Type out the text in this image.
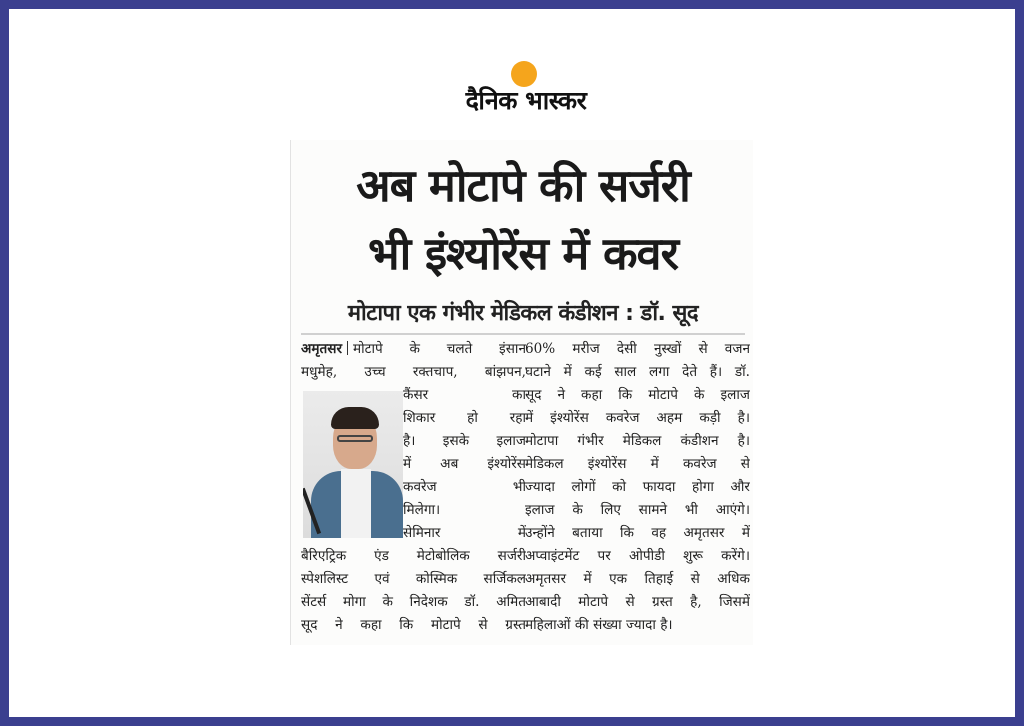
दैनिक भास्कर
अब मोटापे की सर्जरी
भी इंश्योरेंस में कवर
मोटापा एक गंभीर मेडिकल कंडीशन : डॉ. सूद
अमृतसर मोटापे के चलते इंसान
मधुमेह, उच्च रक्तचाप, बांझपन,
कैंसर का
शिकार हो रहा
है। इसके इलाज
में अब इंश्योरेंस
कवरेज भी
मिलेगा।
सेमिनार में
बैरिएट्रिक एंड मेटोबोलिक सर्जरी
स्पेशलिस्ट एवं कोस्मिक सर्जिकल
सेंटर्स मोगा के निदेशक डॉ. अमित
सूद ने कहा कि मोटापे से ग्रस्त
60% मरीज देसी नुस्खों से वजन
घटाने में कई साल लगा देते हैं। डॉ.
सूद ने कहा कि मोटापे के इलाज
में इंश्योरेंस कवरेज अहम कड़ी है।
मोटापा गंभीर मेडिकल कंडीशन है।
मेडिकल इंश्योरेंस में कवरेज से
ज्यादा लोगों को फायदा होगा और
इलाज के लिए सामने भी आएंगे।
उन्होंने बताया कि वह अमृतसर में
अप्वाइंटमेंट पर ओपीडी शुरू करेंगे।
अमृतसर में एक तिहाई से अधिक
आबादी मोटापे से ग्रस्त है, जिसमें
महिलाओं की संख्या ज्यादा है।
